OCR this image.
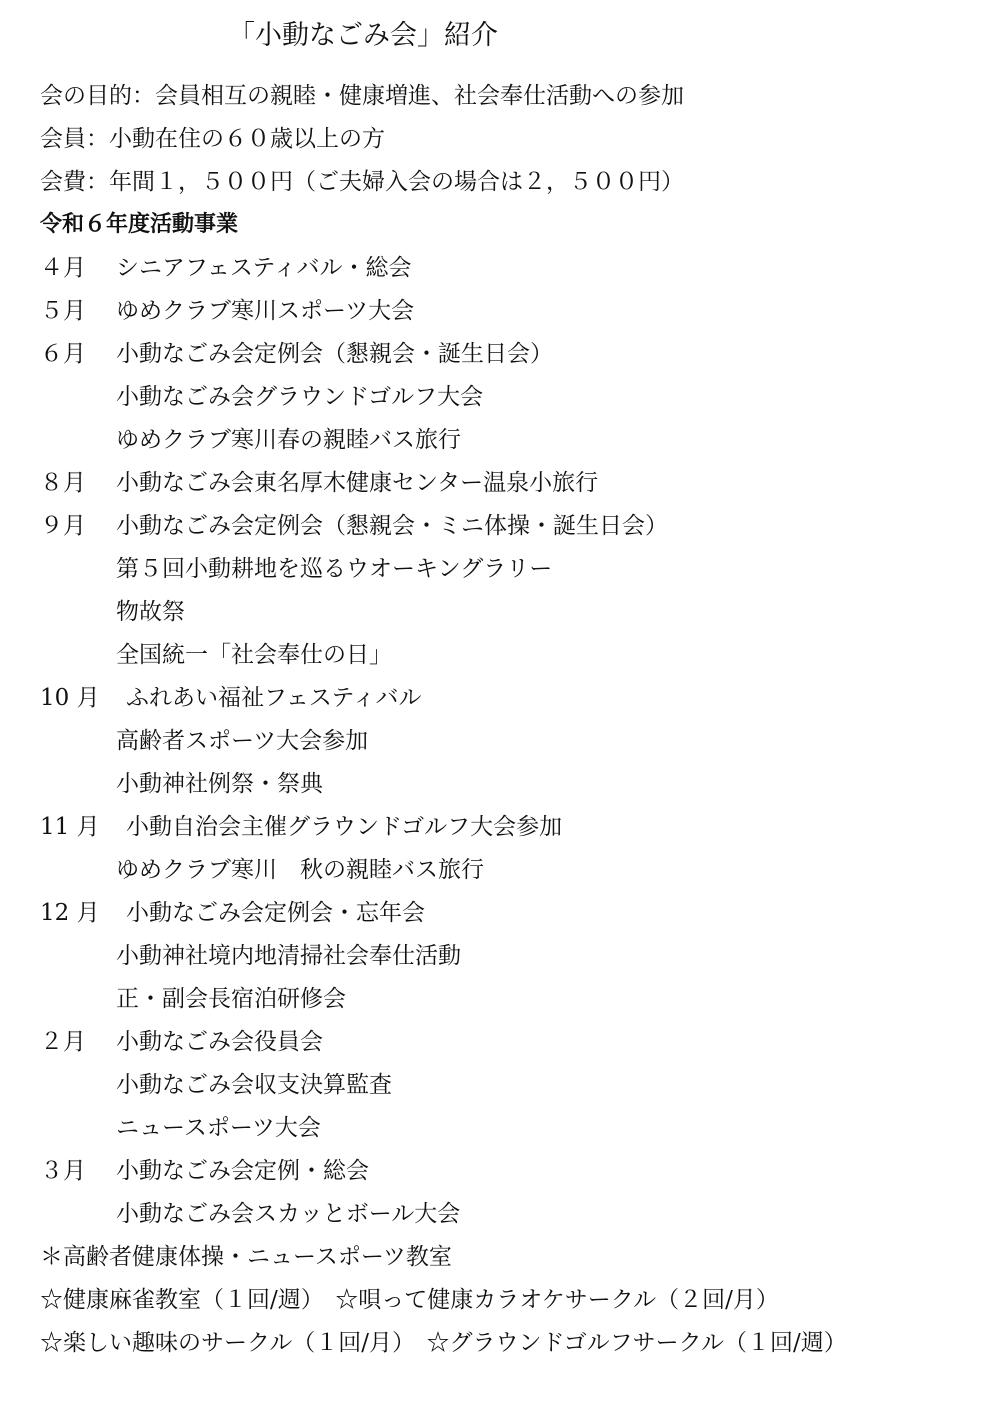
「小動なごみ会」紹介
会の目的：会員相互の親睦・健康増進、社会奉仕活動への参加
会員：小動在住の６０歳以上の方
会費：年間１，５００円（ご夫婦入会の場合は２，５００円）
令和６年度活動事業
４月 シニアフェスティバル・総会
５月 ゆめクラブ寒川スポーツ大会
６月 小動なごみ会定例会（懇親会・誕生日会）
小動なごみ会グラウンドゴルフ大会
ゆめクラブ寒川春の親睦バス旅行
８月 小動なごみ会東名厚木健康センター温泉小旅行
９月 小動なごみ会定例会（懇親会・ミニ体操・誕生日会）
第５回小動耕地を巡るウオーキングラリー
物故祭
全国統一「社会奉仕の日」
10 月 ふれあい福祉フェスティバル
高齢者スポーツ大会参加
小動神社例祭・祭典
11 月 小動自治会主催グラウンドゴルフ大会参加
ゆめクラブ寒川　秋の親睦バス旅行
12 月 小動なごみ会定例会・忘年会
小動神社境内地清掃社会奉仕活動
正・副会長宿泊研修会
２月 小動なごみ会役員会
小動なごみ会収支決算監査
ニュースポーツ大会
３月 小動なごみ会定例・総会
小動なごみ会スカッとボール大会
＊高齢者健康体操・ニュースポーツ教室
☆健康麻雀教室（１回/週）　☆唄って健康カラオケサークル（２回/月）
☆楽しい趣味のサークル（１回/月）　☆グラウンドゴルフサークル（１回/週）
